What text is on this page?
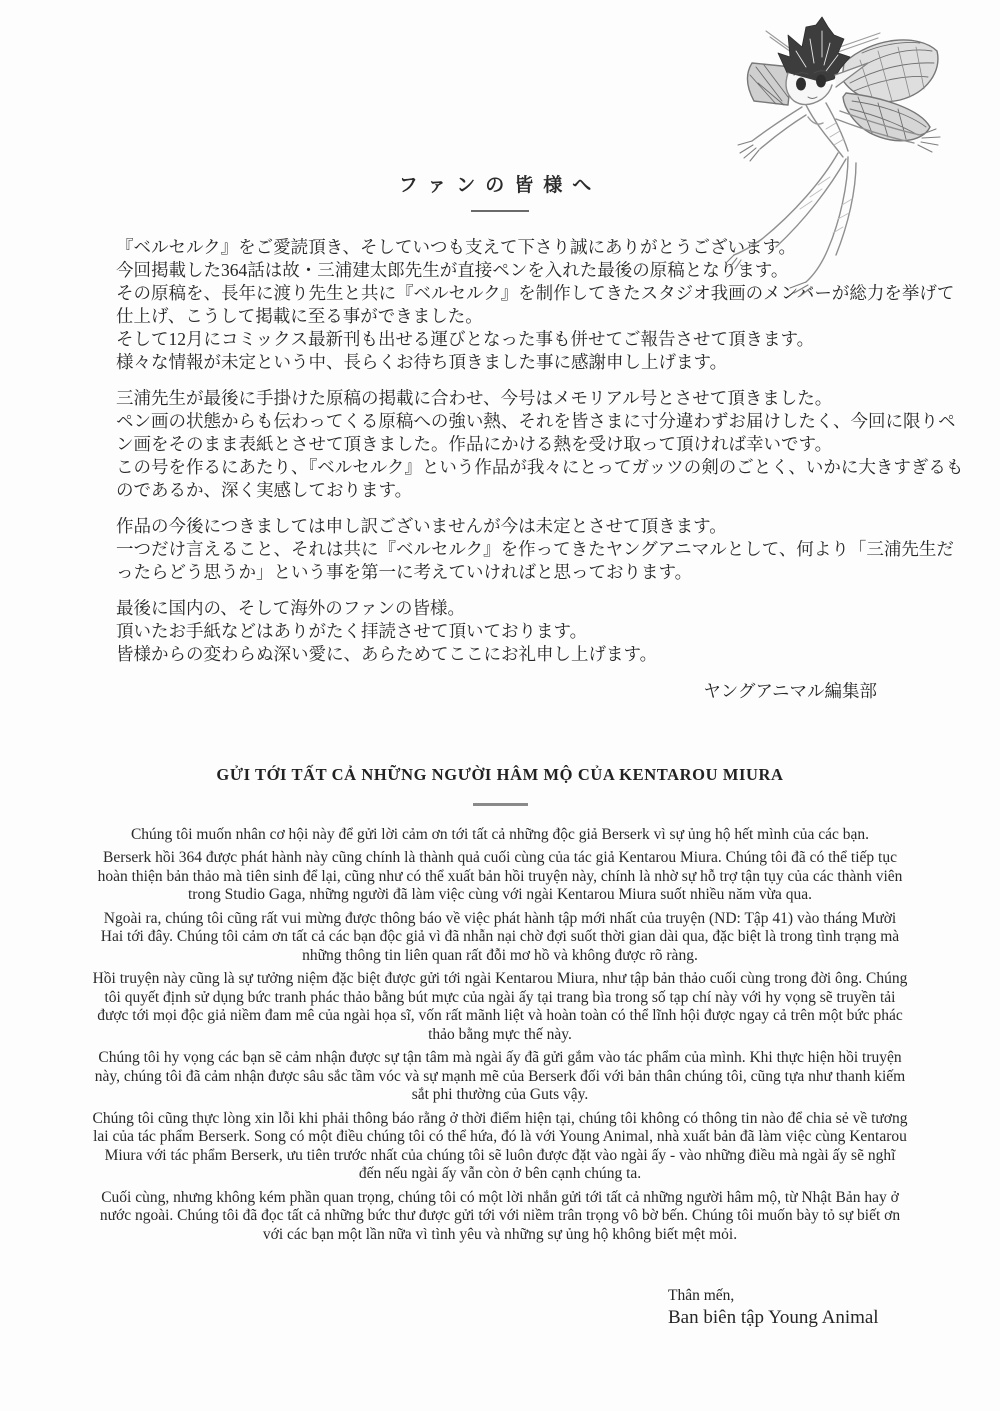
ファンの皆様へ
『ベルセルク』をご愛読頂き、そしていつも支えて下さり誠にありがとうございます。
今回掲載した364話は故・三浦建太郎先生が直接ペンを入れた最後の原稿となります。
その原稿を、長年に渡り先生と共に『ベルセルク』を制作してきたスタジオ我画のメンバーが総力を挙げて
仕上げ、こうして掲載に至る事ができました。
そして12月にコミックス最新刊も出せる運びとなった事も併せてご報告させて頂きます。
様々な情報が未定という中、長らくお待ち頂きました事に感謝申し上げます。
三浦先生が最後に手掛けた原稿の掲載に合わせ、今号はメモリアル号とさせて頂きました。
ペン画の状態からも伝わってくる原稿への強い熱、それを皆さまに寸分違わずお届けしたく、今回に限りペ
ン画をそのまま表紙とさせて頂きました。作品にかける熱を受け取って頂ければ幸いです。
この号を作るにあたり、『ベルセルク』という作品が我々にとってガッツの剣のごとく、いかに大きすぎるも
のであるか、深く実感しております。
作品の今後につきましては申し訳ございませんが今は未定とさせて頂きます。
一つだけ言えること、それは共に『ベルセルク』を作ってきたヤングアニマルとして、何より「三浦先生だ
ったらどう思うか」という事を第一に考えていければと思っております。
最後に国内の、そして海外のファンの皆様。
頂いたお手紙などはありがたく拝読させて頂いております。
皆様からの変わらぬ深い愛に、あらためてここにお礼申し上げます。
ヤングアニマル編集部
GỬI TỚI TẤT CẢ NHỮNG NGƯỜI HÂM MỘ CỦA KENTAROU MIURA

Chúng tôi muốn nhân cơ hội này để gửi lời cảm ơn tới tất cả những độc giả Berserk vì sự ủng hộ hết mình của các bạn.

Berserk hồi 364 được phát hành này cũng chính là thành quả cuối cùng của tác giả Kentarou Miura. Chúng tôi đã có thể tiếp tục hoàn thiện bản thảo mà tiên sinh để lại, cũng như có thể xuất bản hồi truyện này, chính là nhờ sự hỗ trợ tận tụy của các thành viên trong Studio Gaga, những người đã làm việc cùng với ngài Kentarou Miura suốt nhiều năm vừa qua.

Ngoài ra, chúng tôi cũng rất vui mừng được thông báo về việc phát hành tập mới nhất của truyện (ND: Tập 41) vào tháng Mười Hai tới đây. Chúng tôi cảm ơn tất cả các bạn độc giả vì đã nhẫn nại chờ đợi suốt thời gian dài qua, đặc biệt là trong tình trạng mà những thông tin liên quan rất đỗi mơ hồ và không được rõ ràng.

Hồi truyện này cũng là sự tưởng niệm đặc biệt được gửi tới ngài Kentarou Miura, như tập bản thảo cuối cùng trong đời ông. Chúng tôi quyết định sử dụng bức tranh phác thảo bằng bút mực của ngài ấy tại trang bìa trong số tạp chí này với hy vọng sẽ truyền tải được tới mọi độc giả niềm đam mê của ngài họa sĩ, vốn rất mãnh liệt và hoàn toàn có thể lĩnh hội được ngay cả trên một bức phác thảo bằng mực thế này.

Chúng tôi hy vọng các bạn sẽ cảm nhận được sự tận tâm mà ngài ấy đã gửi gắm vào tác phẩm của mình. Khi thực hiện hồi truyện này, chúng tôi đã cảm nhận được sâu sắc tầm vóc và sự mạnh mẽ của Berserk đối với bản thân chúng tôi, cũng tựa như thanh kiếm sắt phi thường của Guts vậy.

Chúng tôi cũng thực lòng xin lỗi khi phải thông báo rằng ở thời điểm hiện tại, chúng tôi không có thông tin nào để chia sẻ về tương lai của tác phẩm Berserk. Song có một điều chúng tôi có thể hứa, đó là với Young Animal, nhà xuất bản đã làm việc cùng Kentarou Miura với tác phẩm Berserk, ưu tiên trước nhất của chúng tôi sẽ luôn được đặt vào ngài ấy - vào những điều mà ngài ấy sẽ nghĩ đến nếu ngài ấy vẫn còn ở bên cạnh chúng ta.

Cuối cùng, nhưng không kém phần quan trọng, chúng tôi có một lời nhắn gửi tới tất cả những người hâm mộ, từ Nhật Bản hay ở nước ngoài. Chúng tôi đã đọc tất cả những bức thư được gửi tới với niềm trân trọng vô bờ bến. Chúng tôi muốn bày tỏ sự biết ơn với các bạn một lần nữa vì tình yêu và những sự ủng hộ không biết mệt mỏi.

Thân mến,
Ban biên tập Young Animal
